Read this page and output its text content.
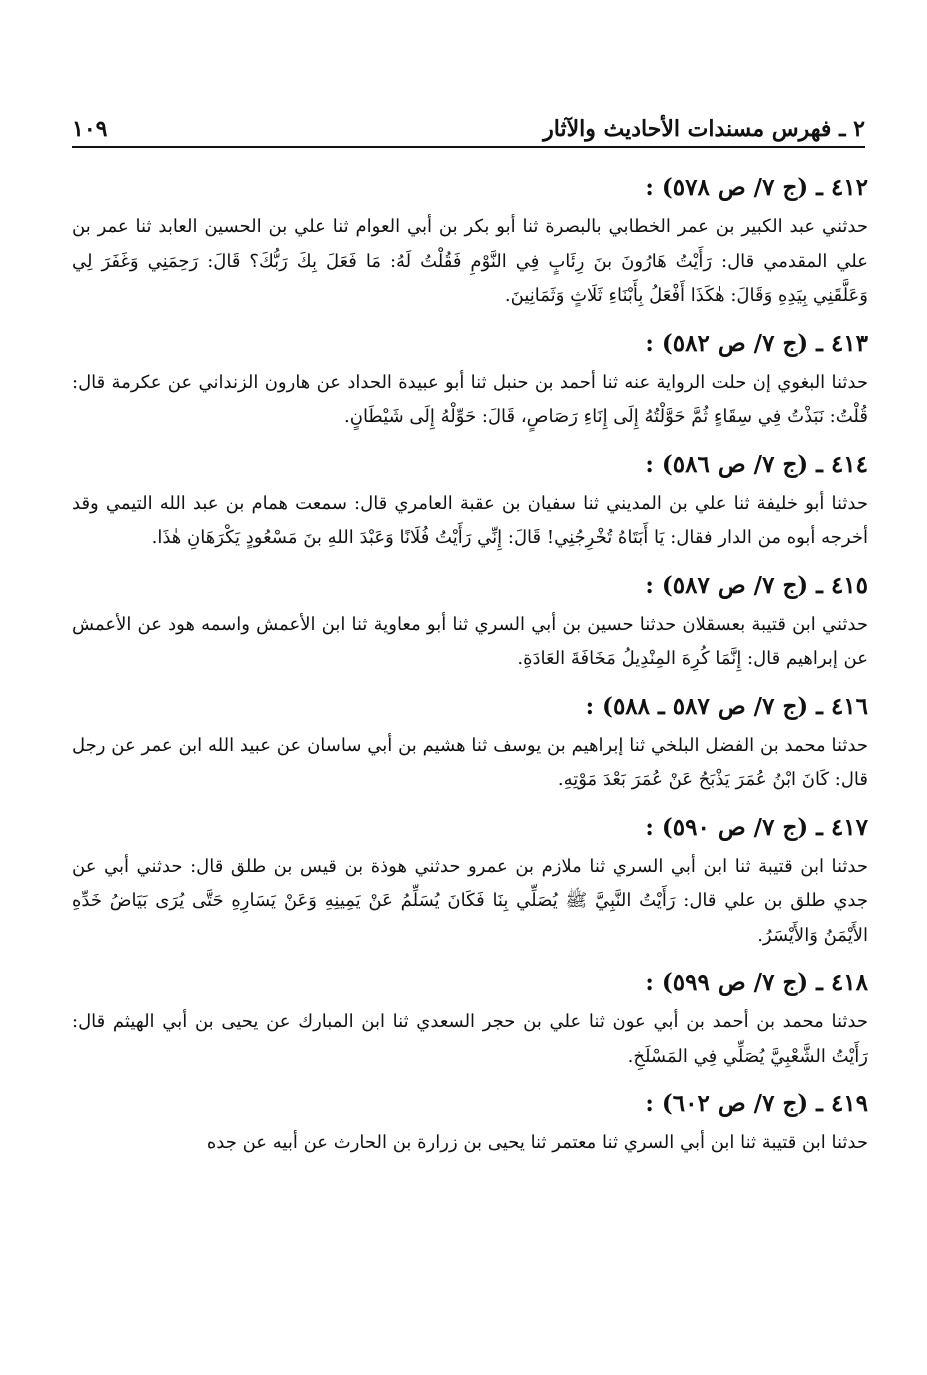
٢ ـ فهرس مسندات الأحاديث والآثار
١٠٩
٤١٢ ـ (ج ٧/ ص ٥٧٨) :

حدثني عبد الكبير بن عمر الخطابي بالبصرة ثنا أبو بكر بن أبي العوام ثنا علي بن الحسين العابد ثنا عمر بن علي المقدمي قال: رَأَيْتُ هَارُونَ بنَ رِئَابٍ فِي النَّوْمِ فَقُلْتُ لَهُ: مَا فَعَلَ بِكَ رَبُّكَ؟ قَالَ: رَحِمَنِي وَغَفَرَ لِي وَعَلَّقَنِي بِيَدِهِ وَقَالَ: هٰكَذَا أَفْعَلُ بِأَبْنَاءِ ثَلَاثٍ وَثَمَانِينَ.

٤١٣ ـ (ج ٧/ ص ٥٨٢) :

حدثنا البغوي إن حلت الرواية عنه ثنا أحمد بن حنبل ثنا أبو عبيدة الحداد عن هارون الزنداني عن عكرمة قال: قُلْتُ: نَبَذْتُ فِي سِقَاءٍ ثُمَّ حَوَّلْتُهُ إِلَى إِنَاءِ رَصَاصٍ، قَالَ: حَوِّلْهُ إِلَى شَيْطَانٍ.

٤١٤ ـ (ج ٧/ ص ٥٨٦) :

حدثنا أبو خليفة ثنا علي بن المديني ثنا سفيان بن عقبة العامري قال: سمعت همام بن عبد الله التيمي وقد أخرجه أبوه من الدار فقال: يَا أَبَتَاهُ تُخْرِجُنِي! قَالَ: إِنِّي رَأَيْتُ فُلَانًا وَعَبْدَ اللهِ بنَ مَسْعُودٍ يَكْرَهَانِ هٰذَا.

٤١٥ ـ (ج ٧/ ص ٥٨٧) :

حدثني ابن قتيبة بعسقلان حدثنا حسين بن أبي السري ثنا أبو معاوية ثنا ابن الأعمش واسمه هود عن الأعمش عن إبراهيم قال: إِنَّمَا كُرِهَ المِنْدِيلُ مَخَافَةَ العَادَةِ.

٤١٦ ـ (ج ٧/ ص ٥٨٧ ـ ٥٨٨) :

حدثنا محمد بن الفضل البلخي ثنا إبراهيم بن يوسف ثنا هشيم بن أبي ساسان عن عبيد الله ابن عمر عن رجل قال: كَانَ ابْنُ عُمَرَ يَذْبَحُ عَنْ عُمَرَ بَعْدَ مَوْتِهِ.

٤١٧ ـ (ج ٧/ ص ٥٩٠) :

حدثنا ابن قتيبة ثنا ابن أبي السري ثنا ملازم بن عمرو حدثني هوذة بن قيس بن طلق قال: حدثني أبي عن جدي طلق بن علي قال: رَأَيْتُ النَّبِيَّ ﷺ يُصَلِّي بِنَا فَكَانَ يُسَلِّمُ عَنْ يَمِينِهِ وَعَنْ يَسَارِهِ حَتَّى يُرَى بَيَاضُ خَدِّهِ الأَيْمَنُ وَالأَيْسَرُ.

٤١٨ ـ (ج ٧/ ص ٥٩٩) :

حدثنا محمد بن أحمد بن أبي عون ثنا علي بن حجر السعدي ثنا ابن المبارك عن يحيى بن أبي الهيثم قال: رَأَيْتُ الشَّعْبِيَّ يُصَلِّي فِي المَسْلَخِ.

٤١٩ ـ (ج ٧/ ص ٦٠٢) :

حدثنا ابن قتيبة ثنا ابن أبي السري ثنا معتمر ثنا يحيى بن زرارة بن الحارث عن أبيه عن جده
